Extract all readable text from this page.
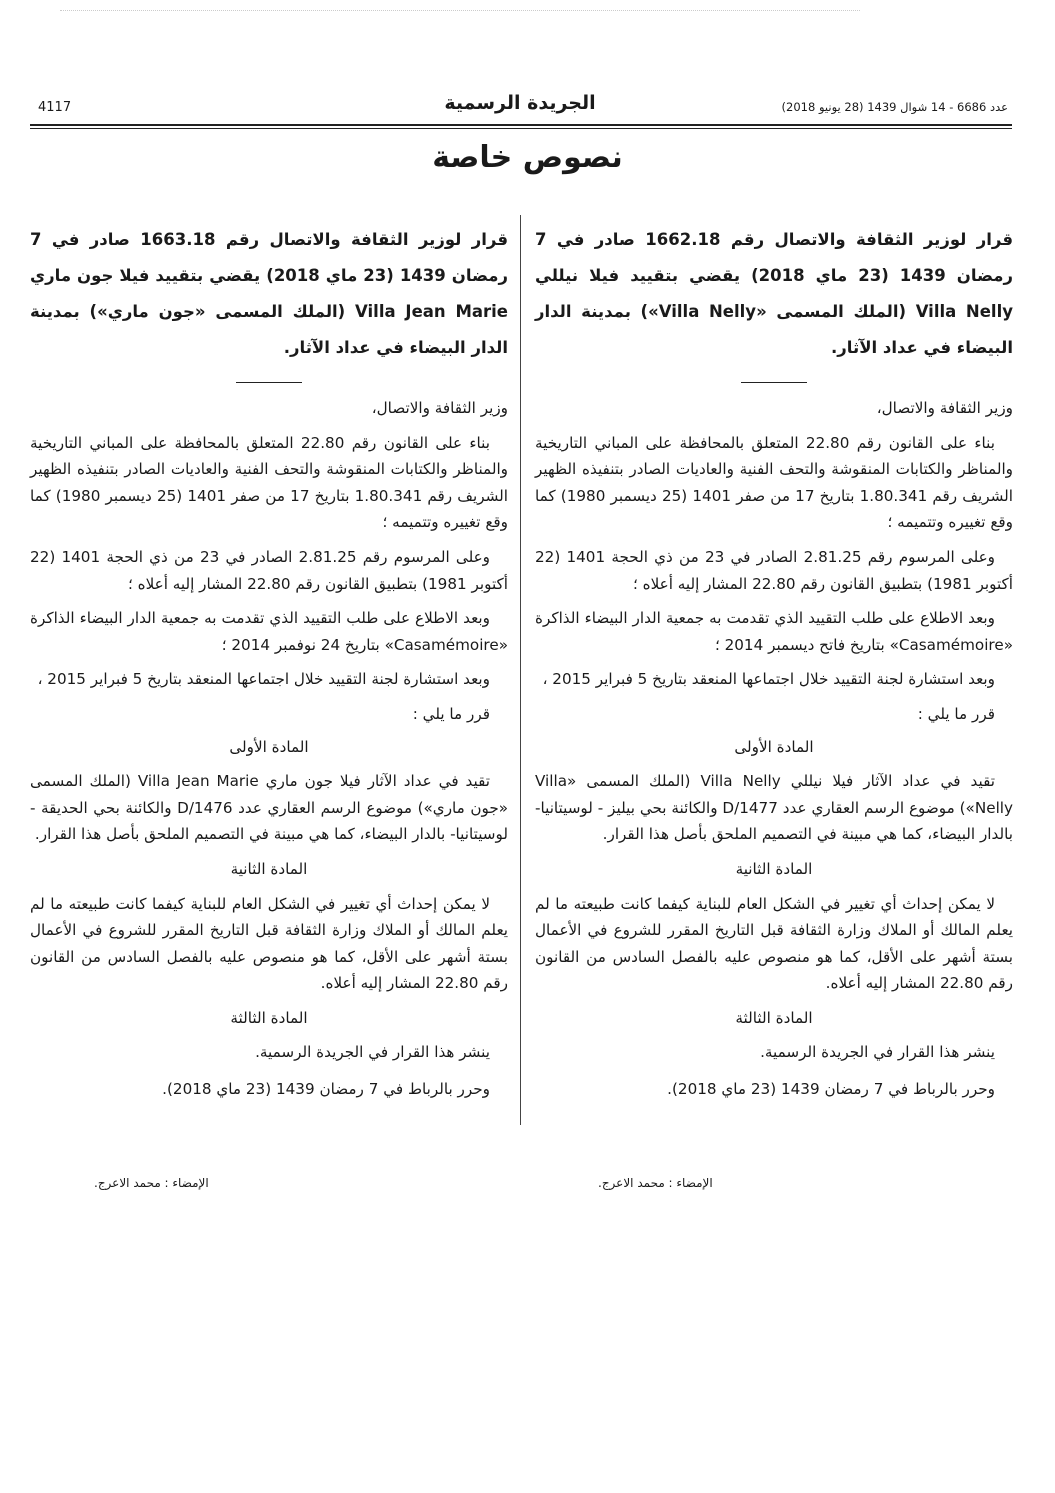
4117	الجريدة الرسمية	عدد 6686 - 14 شوال 1439 (28 يونيو 2018)
نصوص خاصة

قرار لوزير الثقافة والاتصال رقم 1662.18 صادر في 7 رمضان 1439 (23 ماي 2018) يقضي بتقييد فيلا نيللي Villa Nelly (الملك المسمى «Villa Nelly») بمدينة الدار البيضاء في عداد الآثار.

وزير الثقافة والاتصال،

بناء على القانون رقم 22.80 المتعلق بالمحافظة على المباني التاريخية والمناظر والكتابات المنقوشة والتحف الفنية والعاديات الصادر بتنفيذه الظهير الشريف رقم 1.80.341 بتاريخ 17 من صفر 1401 (25 ديسمبر 1980) كما وقع تغييره وتتميمه ؛

وعلى المرسوم رقم 2.81.25 الصادر في 23 من ذي الحجة 1401 (22 أكتوبر 1981) بتطبيق القانون رقم 22.80 المشار إليه أعلاه ؛

وبعد الاطلاع على طلب التقييد الذي تقدمت به جمعية الدار البيضاء الذاكرة «Casamémoire» بتاريخ فاتح ديسمبر 2014 ؛

وبعد استشارة لجنة التقييد خلال اجتماعها المنعقد بتاريخ 5 فبراير 2015 ،

قرر ما يلي :

المادة الأولى

تقيد في عداد الآثار فيلا نيللي Villa Nelly (الملك المسمى «Villa Nelly») موضوع الرسم العقاري عدد D/1477 والكائنة بحي بيليز - لوسيتانيا- بالدار البيضاء، كما هي مبينة في التصميم الملحق بأصل هذا القرار.

المادة الثانية

لا يمكن إحداث أي تغيير في الشكل العام للبناية كيفما كانت طبيعته ما لم يعلم المالك أو الملاك وزارة الثقافة قبل التاريخ المقرر للشروع في الأعمال بستة أشهر على الأقل، كما هو منصوص عليه بالفصل السادس من القانون رقم 22.80 المشار إليه أعلاه.

المادة الثالثة

ينشر هذا القرار في الجريدة الرسمية.

وحرر بالرباط في 7 رمضان 1439 (23 ماي 2018).

قرار لوزير الثقافة والاتصال رقم 1663.18 صادر في 7 رمضان 1439 (23 ماي 2018) يقضي بتقييد فيلا جون ماري Villa Jean Marie (الملك المسمى «جون ماري») بمدينة الدار البيضاء في عداد الآثار.

وزير الثقافة والاتصال،

بناء على القانون رقم 22.80 المتعلق بالمحافظة على المباني التاريخية والمناظر والكتابات المنقوشة والتحف الفنية والعاديات الصادر بتنفيذه الظهير الشريف رقم 1.80.341 بتاريخ 17 من صفر 1401 (25 ديسمبر 1980) كما وقع تغييره وتتميمه ؛

وعلى المرسوم رقم 2.81.25 الصادر في 23 من ذي الحجة 1401 (22 أكتوبر 1981) بتطبيق القانون رقم 22.80 المشار إليه أعلاه ؛

وبعد الاطلاع على طلب التقييد الذي تقدمت به جمعية الدار البيضاء الذاكرة «Casamémoire» بتاريخ 24 نوفمبر 2014 ؛

وبعد استشارة لجنة التقييد خلال اجتماعها المنعقد بتاريخ 5 فبراير 2015 ،

قرر ما يلي :

المادة الأولى

تقيد في عداد الآثار فيلا جون ماري Villa Jean Marie (الملك المسمى «جون ماري») موضوع الرسم العقاري عدد D/1476 والكائنة بحي الحديقة - لوسيتانيا- بالدار البيضاء، كما هي مبينة في التصميم الملحق بأصل هذا القرار.

المادة الثانية

لا يمكن إحداث أي تغيير في الشكل العام للبناية كيفما كانت طبيعته ما لم يعلم المالك أو الملاك وزارة الثقافة قبل التاريخ المقرر للشروع في الأعمال بستة أشهر على الأقل، كما هو منصوص عليه بالفصل السادس من القانون رقم 22.80 المشار إليه أعلاه.

المادة الثالثة

ينشر هذا القرار في الجريدة الرسمية.

وحرر بالرباط في 7 رمضان 1439 (23 ماي 2018).

الإمضاء : محمد الاعرج.
الإمضاء : محمد الاعرج.
